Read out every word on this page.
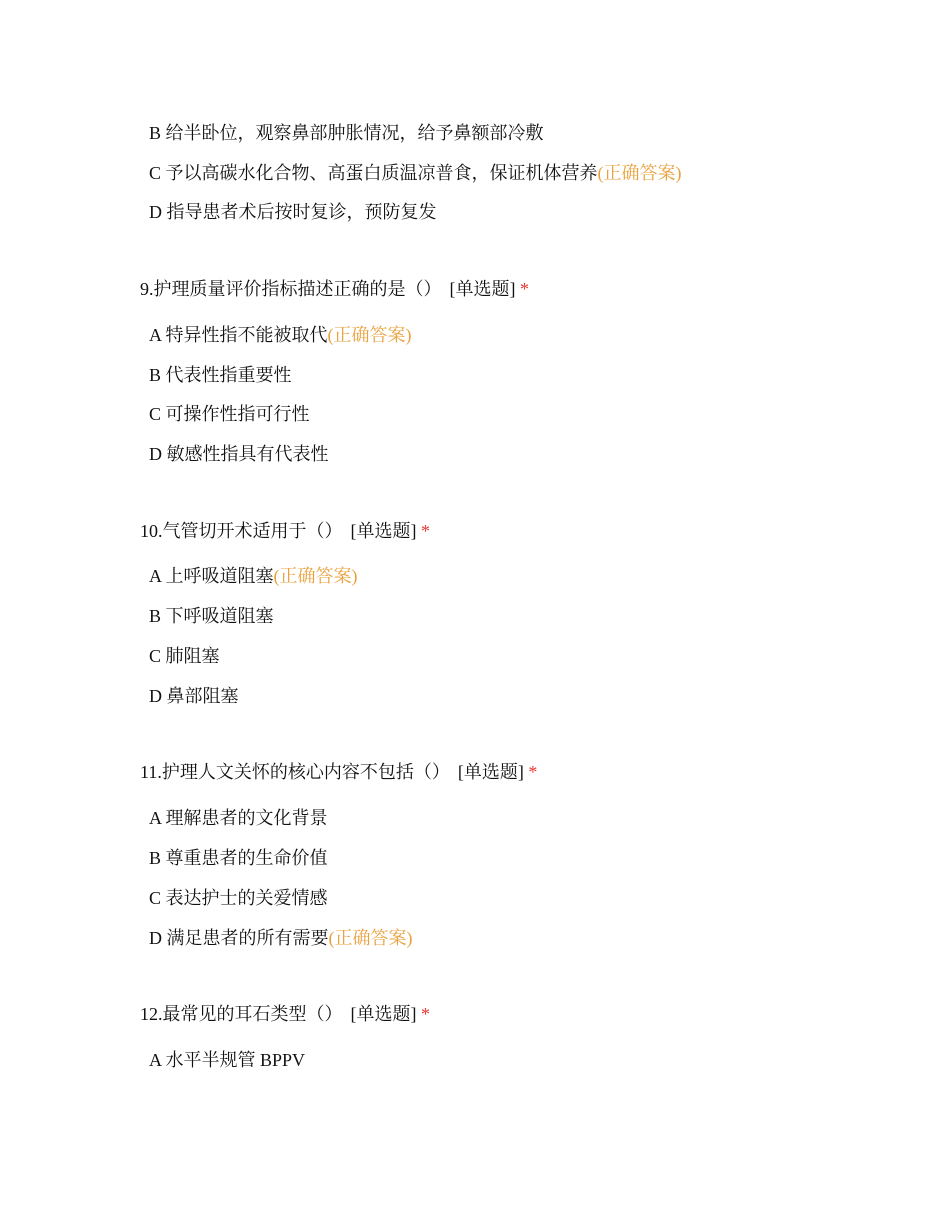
B 给半卧位，观察鼻部肿胀情况，给予鼻额部冷敷
C 予以高碳水化合物、高蛋白质温凉普食，保证机体营养(正确答案)
D 指导患者术后按时复诊，预防复发
9.护理质量评价指标描述正确的是（） [单选题] *
A 特异性指不能被取代(正确答案)
B 代表性指重要性
C 可操作性指可行性
D 敏感性指具有代表性
10.气管切开术适用于（） [单选题] *
A 上呼吸道阻塞(正确答案)
B 下呼吸道阻塞
C 肺阻塞
D 鼻部阻塞
11.护理人文关怀的核心内容不包括（） [单选题] *
A 理解患者的文化背景
B 尊重患者的生命价值
C 表达护士的关爱情感
D 满足患者的所有需要(正确答案)
12.最常见的耳石类型（） [单选题] *
A 水平半规管 BPPV
